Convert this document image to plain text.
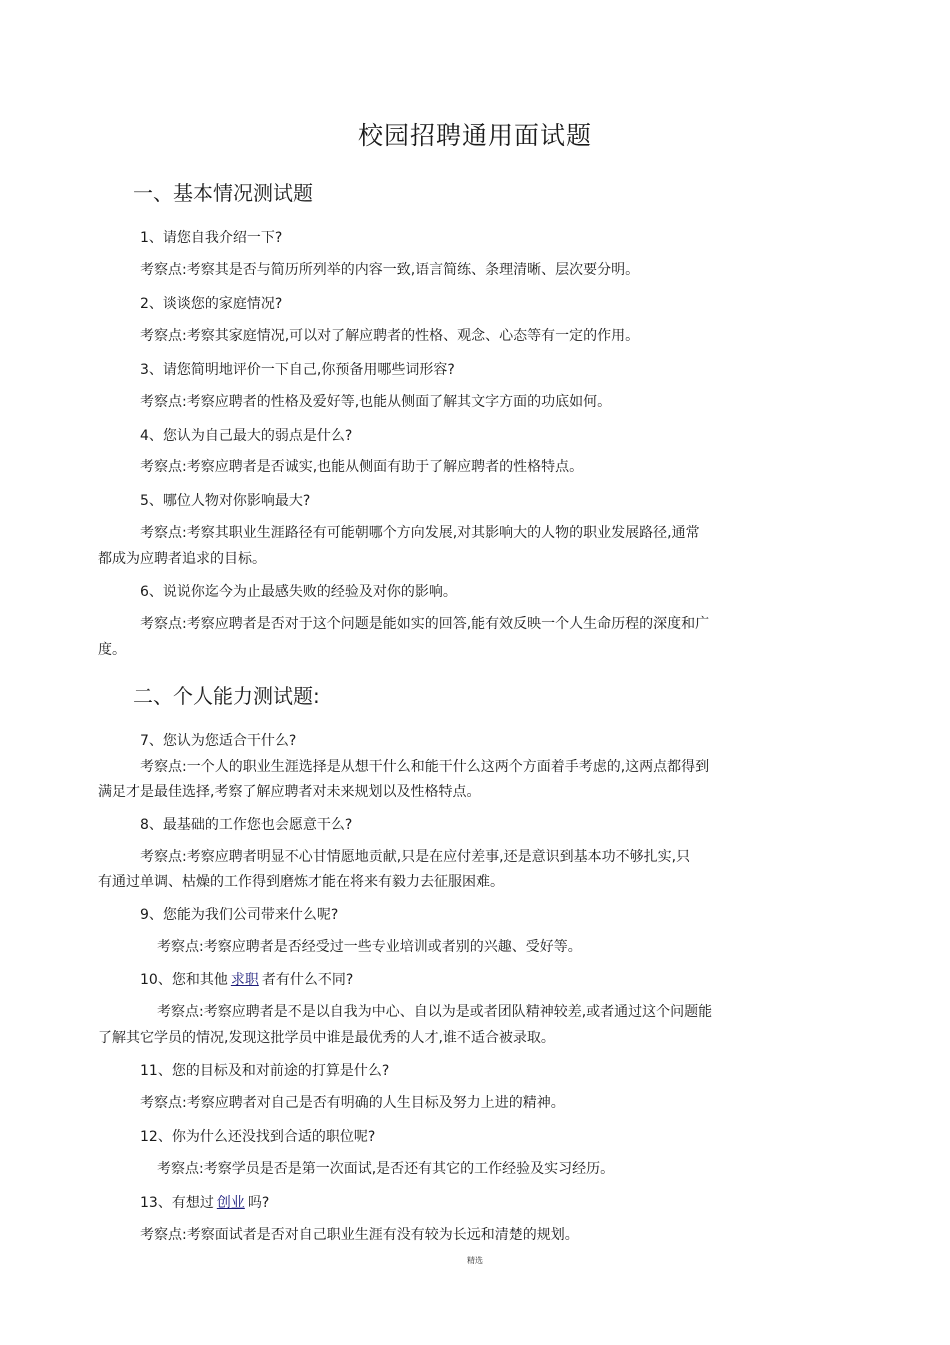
校园招聘通用面试题
一、基本情况测试题
1、请您自我介绍一下?
考察点:考察其是否与简历所列举的内容一致,语言简练、条理清晰、层次要分明。
2、谈谈您的家庭情况?
考察点:考察其家庭情况,可以对了解应聘者的性格、观念、心态等有一定的作用。
3、请您简明地评价一下自己,你预备用哪些词形容?
考察点:考察应聘者的性格及爱好等,也能从侧面了解其文字方面的功底如何。
4、您认为自己最大的弱点是什么?
考察点:考察应聘者是否诚实,也能从侧面有助于了解应聘者的性格特点。
5、哪位人物对你影响最大?
考察点:考察其职业生涯路径有可能朝哪个方向发展,对其影响大的人物的职业发展路径,通常
都成为应聘者追求的目标。
6、说说你迄今为止最感失败的经验及对你的影响。
考察点:考察应聘者是否对于这个问题是能如实的回答,能有效反映一个人生命历程的深度和广
度。
二、个人能力测试题:
7、您认为您适合干什么?
考察点:一个人的职业生涯选择是从想干什么和能干什么这两个方面着手考虑的,这两点都得到
满足才是最佳选择,考察了解应聘者对未来规划以及性格特点。
8、最基础的工作您也会愿意干么?
考察点:考察应聘者明显不心甘情愿地贡献,只是在应付差事,还是意识到基本功不够扎实,只
有通过单调、枯燥的工作得到磨炼才能在将来有毅力去征服困难。
9、您能为我们公司带来什么呢?
考察点:考察应聘者是否经受过一些专业培训或者别的兴趣、受好等。
10、您和其他 求职 者有什么不同?
考察点:考察应聘者是不是以自我为中心、自以为是或者团队精神较差,或者通过这个问题能
了解其它学员的情况,发现这批学员中谁是最优秀的人才,谁不适合被录取。
11、您的目标及和对前途的打算是什么?
考察点:考察应聘者对自己是否有明确的人生目标及努力上进的精神。
12、你为什么还没找到合适的职位呢?
考察点:考察学员是否是第一次面试,是否还有其它的工作经验及实习经历。
13、有想过 创业 吗?
考察点:考察面试者是否对自己职业生涯有没有较为长远和清楚的规划。
精选
